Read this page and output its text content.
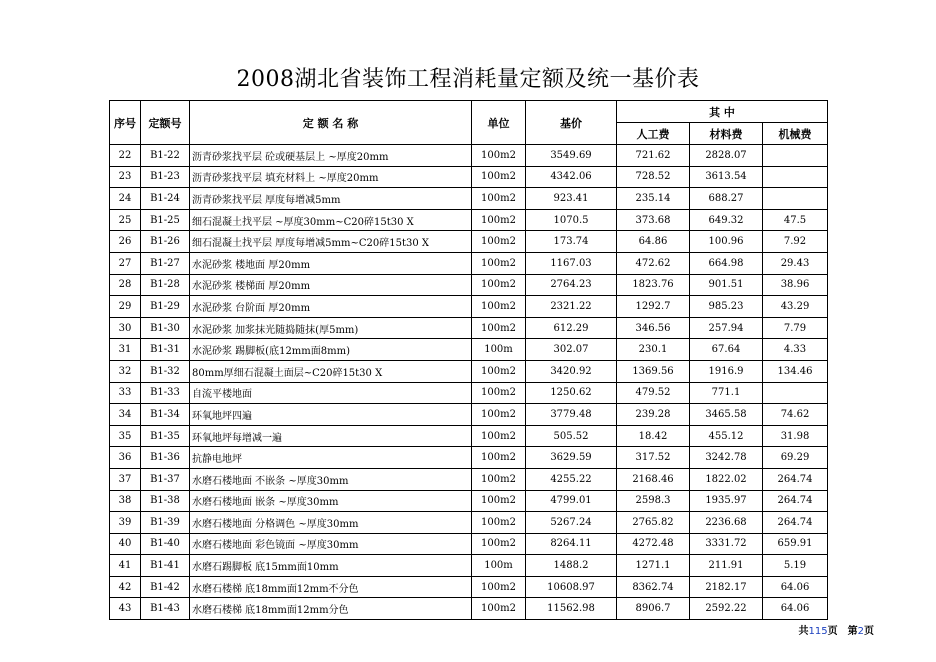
2008湖北省装饰工程消耗量定额及统一基价表
序号	定额号	定 额 名 称	单位	基价	其 中		
					人工费	材料费	机械费
22	B1-22	沥青砂浆找平层 砼或硬基层上 ~厚度20mm	100m2	3549.69	721.62	2828.07	
23	B1-23	沥青砂浆找平层 填充材料上 ~厚度20mm	100m2	4342.06	728.52	3613.54	
24	B1-24	沥青砂浆找平层 厚度每增减5mm	100m2	923.41	235.14	688.27	
25	B1-25	细石混凝土找平层 ~厚度30mm~C20碎15t30 X	100m2	1070.5	373.68	649.32	47.5
26	B1-26	细石混凝土找平层 厚度每增减5mm~C20碎15t30 X	100m2	173.74	64.86	100.96	7.92
27	B1-27	水泥砂浆 楼地面 厚20mm	100m2	1167.03	472.62	664.98	29.43
28	B1-28	水泥砂浆 楼梯面 厚20mm	100m2	2764.23	1823.76	901.51	38.96
29	B1-29	水泥砂浆 台阶面 厚20mm	100m2	2321.22	1292.7	985.23	43.29
30	B1-30	水泥砂浆 加浆抹光随捣随抹(厚5mm)	100m2	612.29	346.56	257.94	7.79
31	B1-31	水泥砂浆 踢脚板(底12mm面8mm)	100m	302.07	230.1	67.64	4.33
32	B1-32	80mm厚细石混凝土面层~C20碎15t30 X	100m2	3420.92	1369.56	1916.9	134.46
33	B1-33	自流平楼地面	100m2	1250.62	479.52	771.1	
34	B1-34	环氧地坪四遍	100m2	3779.48	239.28	3465.58	74.62
35	B1-35	环氧地坪每增减一遍	100m2	505.52	18.42	455.12	31.98
36	B1-36	抗静电地坪	100m2	3629.59	317.52	3242.78	69.29
37	B1-37	水磨石楼地面 不嵌条 ~厚度30mm	100m2	4255.22	2168.46	1822.02	264.74
38	B1-38	水磨石楼地面 嵌条 ~厚度30mm	100m2	4799.01	2598.3	1935.97	264.74
39	B1-39	水磨石楼地面 分格调色 ~厚度30mm	100m2	5267.24	2765.82	2236.68	264.74
40	B1-40	水磨石楼地面 彩色镜面 ~厚度30mm	100m2	8264.11	4272.48	3331.72	659.91
41	B1-41	水磨石踢脚板 底15mm面10mm	100m	1488.2	1271.1	211.91	5.19
42	B1-42	水磨石楼梯 底18mm面12mm不分色	100m2	10608.97	8362.74	2182.17	64.06
43	B1-43	水磨石楼梯 底18mm面12mm分色	100m2	11562.98	8906.7	2592.22	64.06
共115页 第2页
